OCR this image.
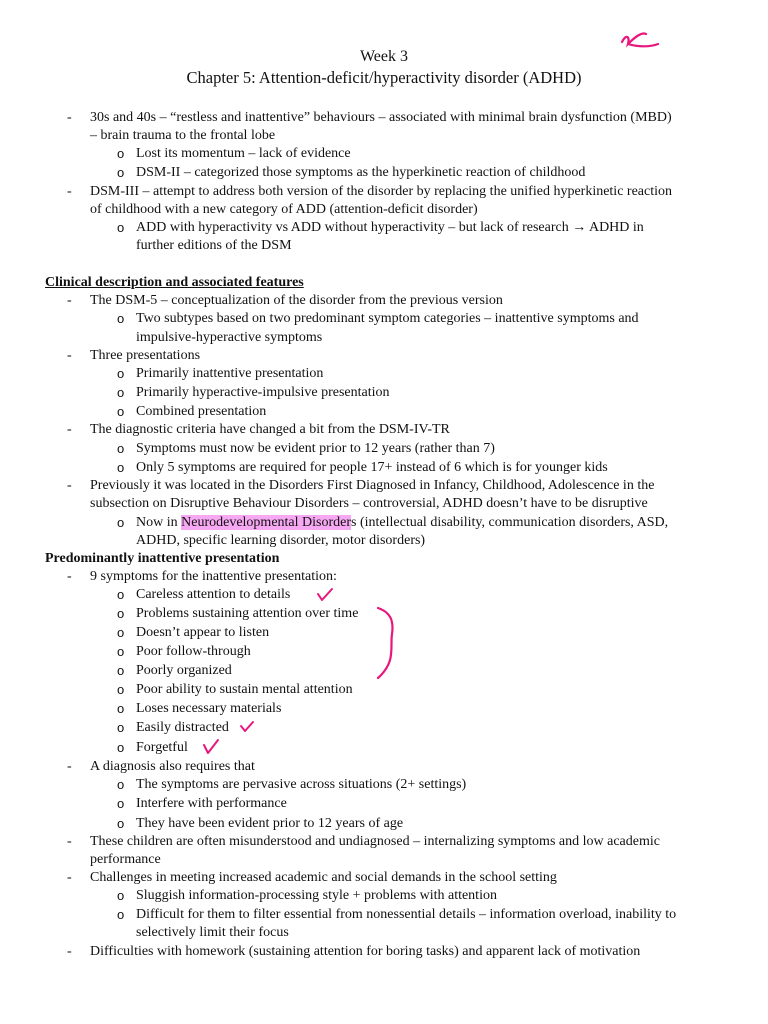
Week 3
Chapter 5: Attention-deficit/hyperactivity disorder (ADHD)
- 30s and 40s – “restless and inattentive” behaviours – associated with minimal brain dysfunction (MBD)
– brain trauma to the frontal lobe
o Lost its momentum – lack of evidence
o DSM-II – categorized those symptoms as the hyperkinetic reaction of childhood
- DSM-III – attempt to address both version of the disorder by replacing the unified hyperkinetic reaction
of childhood with a new category of ADD (attention-deficit disorder)
o ADD with hyperactivity vs ADD without hyperactivity – but lack of research → ADHD in
further editions of the DSM
Clinical description and associated features
- The DSM-5 – conceptualization of the disorder from the previous version
o Two subtypes based on two predominant symptom categories – inattentive symptoms and
impulsive-hyperactive symptoms
- Three presentations
o Primarily inattentive presentation
o Primarily hyperactive-impulsive presentation
o Combined presentation
- The diagnostic criteria have changed a bit from the DSM-IV-TR
o Symptoms must now be evident prior to 12 years (rather than 7)
o Only 5 symptoms are required for people 17+ instead of 6 which is for younger kids
- Previously it was located in the Disorders First Diagnosed in Infancy, Childhood, Adolescence in the
subsection on Disruptive Behaviour Disorders – controversial, ADHD doesn’t have to be disruptive
o Now in Neurodevelopmental Disorders (intellectual disability, communication disorders, ASD,
ADHD, specific learning disorder, motor disorders)
Predominantly inattentive presentation
- 9 symptoms for the inattentive presentation:
o Careless attention to details
o Problems sustaining attention over time
o Doesn’t appear to listen
o Poor follow-through
o Poorly organized
o Poor ability to sustain mental attention
o Loses necessary materials
o Easily distracted
o Forgetful
- A diagnosis also requires that
o The symptoms are pervasive across situations (2+ settings)
o Interfere with performance
o They have been evident prior to 12 years of age
- These children are often misunderstood and undiagnosed – internalizing symptoms and low academic
performance
- Challenges in meeting increased academic and social demands in the school setting
o Sluggish information-processing style + problems with attention
o Difficult for them to filter essential from nonessential details – information overload, inability to
selectively limit their focus
- Difficulties with homework (sustaining attention for boring tasks) and apparent lack of motivation
